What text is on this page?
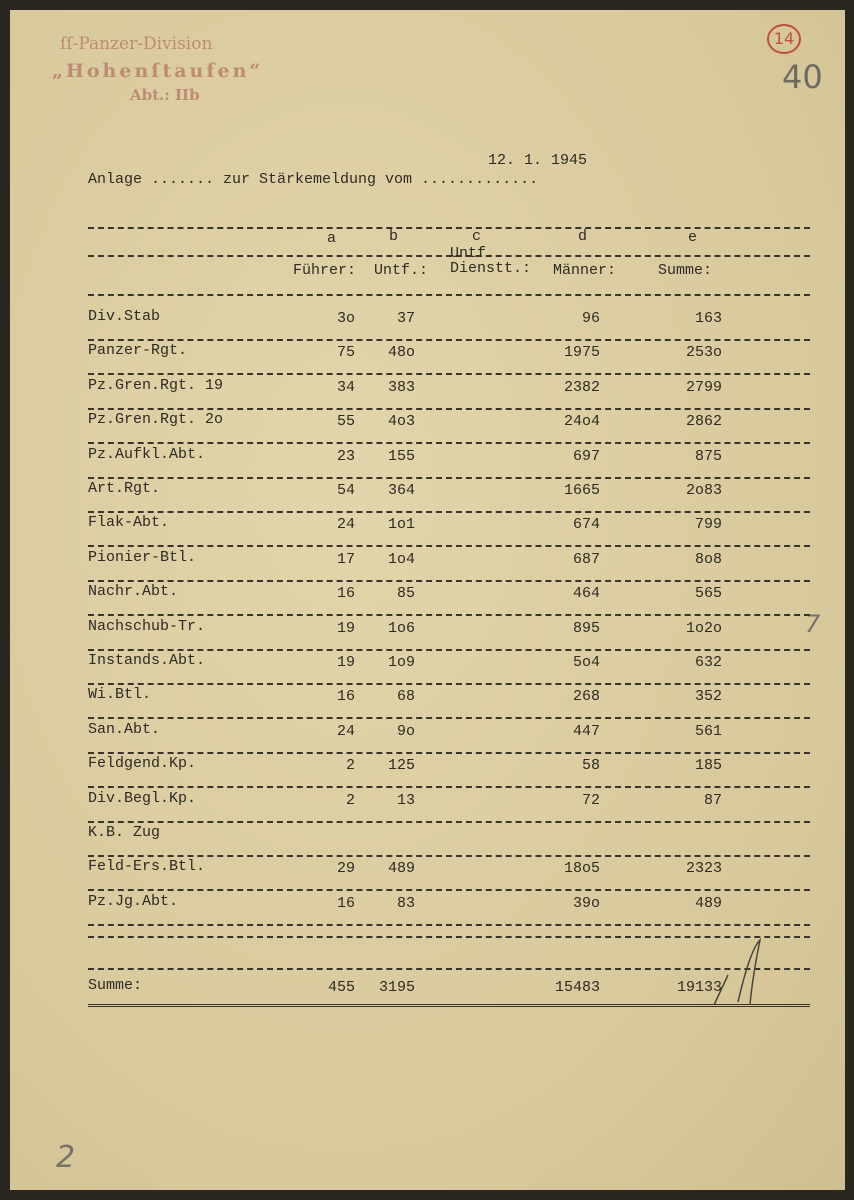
ſſ-Panzer-Division
„Hohenſtaufen“
Abt.: IIb
14
40
2
7
12. 1. 1945
Anlage ....... zur Stärkemeldung vom .............
a	b	c	d	e
Führer: Untf.:
Untf.
Dienstt.: Männer:	Summe:
Div.Stab	3o	37	96	163
Panzer-Rgt.	75 48o	1975	253o
Pz.Gren.Rgt. 19	34 383	2382	2799
Pz.Gren.Rgt. 2o	55 4o3	24o4	2862
Pz.Aufkl.Abt.	23 155	697	875
Art.Rgt.	54 364	1665	2o83
Flak-Abt.	24 1o1	674	799
Pionier-Btl.	17 1o4	687	8o8
Nachr.Abt.	16	85	464	565
Nachschub-Tr.	19 1o6	895	1o2o
Instands.Abt.	19 1o9	5o4	632
Wi.Btl.	16	68	268	352
San.Abt.	24	9o	447	561
Feldgend.Kp.	2 125	58	185
Div.Begl.Kp.	2	13	72	87
K.B. Zug
Feld-Ers.Btl.	29 489	18o5	2323
Pz.Jg.Abt.	16	83	39o	489
Summe:	455 3195	15483	19133
